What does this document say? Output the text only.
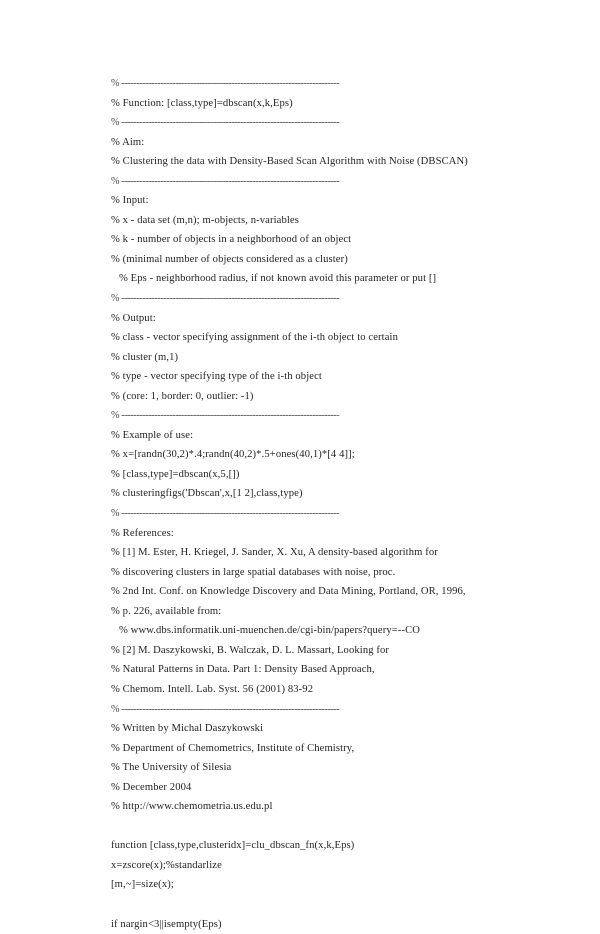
% -------------------------------------------------------------------------
% Function: [class,type]=dbscan(x,k,Eps)
% -------------------------------------------------------------------------
% Aim:
% Clustering the data with Density-Based Scan Algorithm with Noise (DBSCAN)
% -------------------------------------------------------------------------
% Input:
% x - data set (m,n); m-objects, n-variables
% k - number of objects in a neighborhood of an object
% (minimal number of objects considered as a cluster)
% Eps - neighborhood radius, if not known avoid this parameter or put []
% -------------------------------------------------------------------------
% Output:
% class - vector specifying assignment of the i-th object to certain
% cluster (m,1)
% type - vector specifying type of the i-th object
% (core: 1, border: 0, outlier: -1)
% -------------------------------------------------------------------------
% Example of use:
% x=[randn(30,2)*.4;randn(40,2)*.5+ones(40,1)*[4 4]];
% [class,type]=dbscan(x,5,[])
% clusteringfigs('Dbscan',x,[1 2],class,type)
% -------------------------------------------------------------------------
% References:
% [1] M. Ester, H. Kriegel, J. Sander, X. Xu, A density-based algorithm for
% discovering clusters in large spatial databases with noise, proc.
% 2nd Int. Conf. on Knowledge Discovery and Data Mining, Portland, OR, 1996,
% p. 226, available from:
% www.dbs.informatik.uni-muenchen.de/cgi-bin/papers?query=--CO
% [2] M. Daszykowski, B. Walczak, D. L. Massart, Looking for
% Natural Patterns in Data. Part 1: Density Based Approach,
% Chemom. Intell. Lab. Syst. 56 (2001) 83-92
% -------------------------------------------------------------------------
% Written by Michal Daszykowski
% Department of Chemometrics, Institute of Chemistry,
% The University of Silesia
% December 2004
% http://www.chemometria.us.edu.pl
function [class,type,clusteridx]=clu_dbscan_fn(x,k,Eps)
x=zscore(x);%standarlize
[m,~]=size(x);
if nargin<3||isempty(Eps)
